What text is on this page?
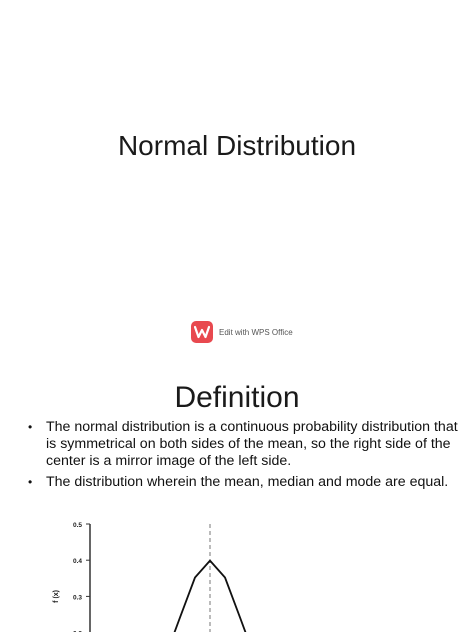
Normal Distribution
Edit with WPS Office
Definition
• The normal distribution is a continuous probability distribution that is symmetrical on both sides of the mean, so the right side of the center is a mirror image of the left side.
• The distribution wherein the mean, median and mode are equal.
0.5
0.4
0.3
f (x)
